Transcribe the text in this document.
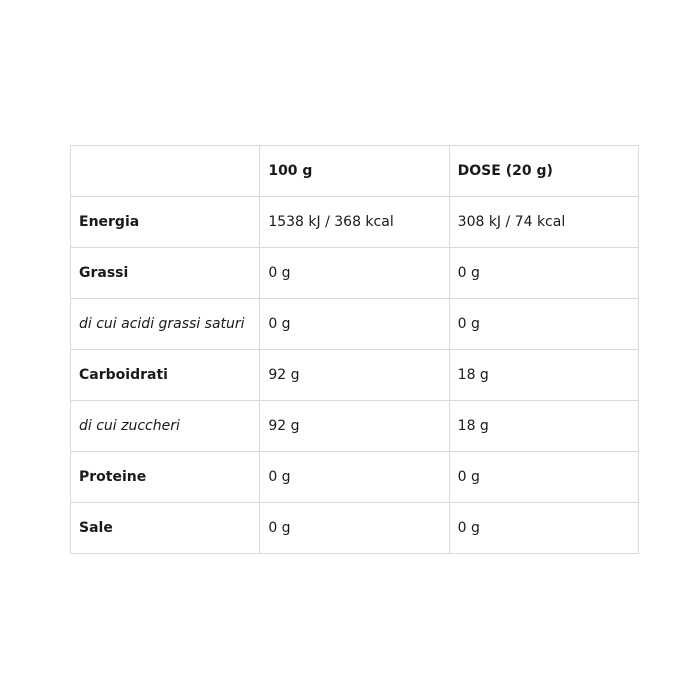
	100 g	DOSE (20 g)
Energia	1538 kJ / 368 kcal	308 kJ / 74 kcal
Grassi	0 g	0 g
di cui acidi grassi saturi	0 g	0 g
Carboidrati	92 g	18 g
di cui zuccheri	92 g	18 g
Proteine	0 g	0 g
Sale	0 g	0 g
